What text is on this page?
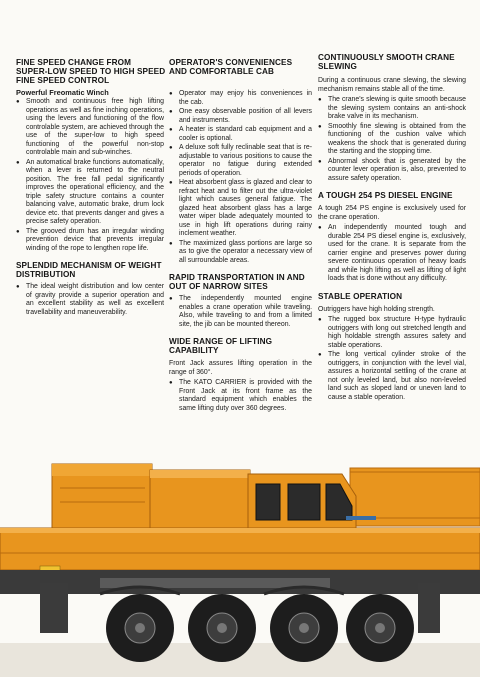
FINE SPEED CHANGE FROM
SUPER-LOW SPEED TO HIGH SPEED
FINE SPEED CONTROL
Powerful Freomatic Winch
● Smooth and continuous free high lifting operations as well as fine inching operations, using the levers and functioning of the flow controlable system, are achieved through the use of the super-low to high speed functioning of the powerful non-stop controlable main and sub-winches.
● An automatical brake functions automatically, when a lever is returned to the neutral position. The free fall pedal significantly improves the operational efficiency, and the triple safety structure contains a counter balancing valve, automatic brake, drum lock device etc. that prevents danger and gives a precise safety operation.
● The grooved drum has an irregular winding prevention device that prevents irregular winding of the rope to lengthen rope life.
SPLENDID MECHANISM OF WEIGHT DISTRIBUTION
● The ideal weight distribution and low center of gravity provide a superior operation and an excellent stability as well as excellent travellability and maneuverability.
OPERATOR'S CONVENIENCES
AND COMFORTABLE CAB
● Operator may enjoy his conveniences in the cab.
● One easy observable position of all levers and instruments.
● A heater is standard cab equipment and a cooler is optional.
● A deluxe soft fully reclinable seat that is re-adjustable to various positions to cause the operator no fatigue during extended periods of operation.
● Heat absorbent glass is glazed and clear to refract heat and to filter out the ultra-violet light which causes general fatigue. The glazed heat absorbent glass has a large water wiper blade adequately mounted to use in high lift operations during rainy inclement weather.
● The maximized glass portions are large so as to give the operator a necessary view of all surroundable areas.
RAPID TRANSPORTATION IN AND OUT OF NARROW SITES
● The independently mounted engine enables a crane operation while traveling. Also, while traveling to and from a limited site, the jib can be mounted thereon.
WIDE RANGE OF LIFTING CAPABILITY

Front Jack assures lifting operation in the range of 360°.

● The KATO CARRIER is provided with the Front Jack at its front frame as the standard equipment which enables the same lifting duty over 360 degrees.
CONTINUOUSLY SMOOTH CRANE SLEWING

During a continuous crane slewing, the slewing mechanism remains stable all of the time.

● The crane's slewing is quite smooth because the slewing system contains an anti-shock brake valve in its mechanism.
● Smoothly fine slewing is obtained from the functioning of the cushion valve which weakens the shock that is generated during the starting and the stopping time.
● Abnormal shock that is generated by the counter lever operation is, also, prevented to assure safety operation.
A TOUGH 254 PS DIESEL ENGINE

A tough 254 PS engine is exclusively used for the crane operation.

● An independently mounted tough and durable 254 PS diesel engine is, exclusively, used for the crane. It is separate from the carrier engine and preserves power during severe continuous operation of heavy loads and while high lifting as well as lifting of light loads that is done without any difficulty.
STABLE OPERATION

Outriggers have high holding strength.

● The rugged box structure H-type hydraulic outriggers with long out stretched length and high holdable strength assures safety and stable operations.
● The long vertical cylinder stroke of the outriggers, in conjunction with the level vial, assures a horizontal settling of the crane at not only leveled land, but also non-leveled land such as sloped land or uneven land to cause a stable operation.
